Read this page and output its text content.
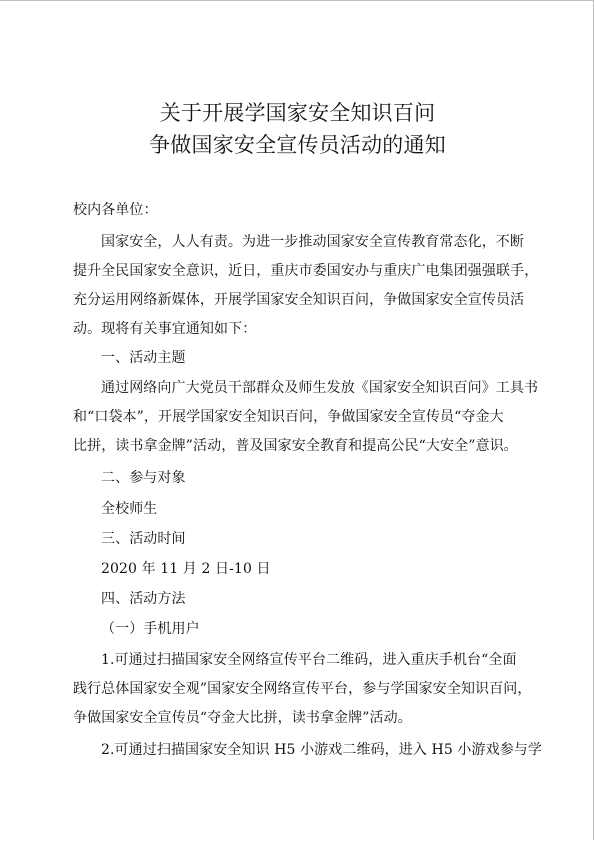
关于开展学国家安全知识百问
争做国家安全宣传员活动的通知
校内各单位：
国家安全，人人有责。为进一步推动国家安全宣传教育常态化，不断
提升全民国家安全意识，近日，重庆市委国安办与重庆广电集团强强联手，
充分运用网络新媒体，开展学国家安全知识百问，争做国家安全宣传员活
动。现将有关事宜通知如下：
一、活动主题
通过网络向广大党员干部群众及师生发放《国家安全知识百问》工具书
和“口袋本”，开展学国家安全知识百问，争做国家安全宣传员“夺金大
比拼，读书拿金牌”活动，普及国家安全教育和提高公民“大安全”意识。
二、参与对象
全校师生
三、活动时间
2020 年 11 月 2 日-10 日
四、活动方法
（一）手机用户
1.可通过扫描国家安全网络宣传平台二维码，进入重庆手机台“全面
践行总体国家安全观”国家安全网络宣传平台，参与学国家安全知识百问，
争做国家安全宣传员“夺金大比拼，读书拿金牌”活动。
2.可通过扫描国家安全知识 H5 小游戏二维码，进入 H5 小游戏参与学
